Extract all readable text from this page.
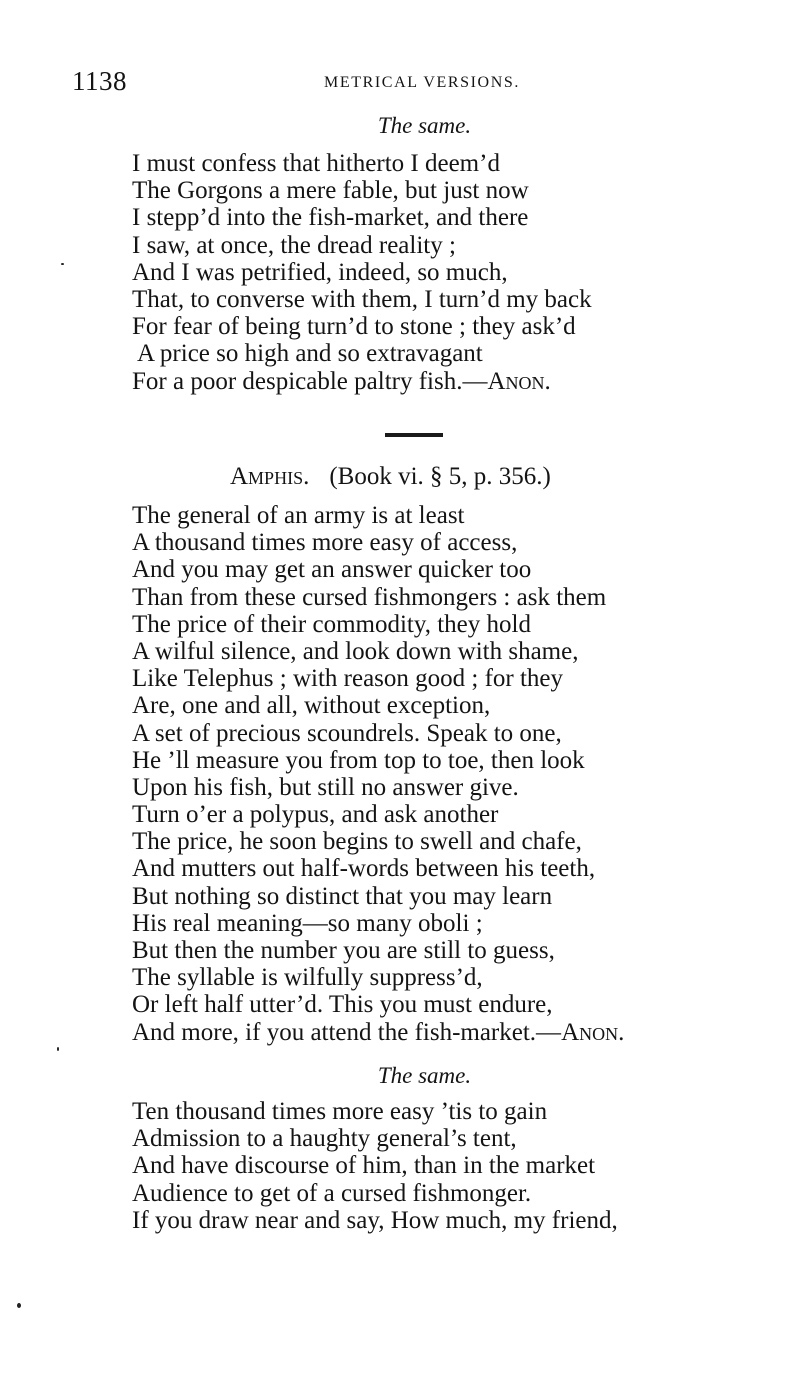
1138	METRICAL VERSIONS.
The same.
I must confess that hitherto I deem’d
The Gorgons a mere fable, but just now
I stepp’d into the fish-market, and there
I saw, at once, the dread reality ;
And I was petrified, indeed, so much,
That, to converse with them, I turn’d my back
For fear of being turn’d to stone ; they ask’d
A price so high and so extravagant
For a poor despicable paltry fish.—Anon.
Amphis. (Book vi. § 5, p. 356.)
The general of an army is at least
A thousand times more easy of access,
And you may get an answer quicker too
Than from these cursed fishmongers : ask them
The price of their commodity, they hold
A wilful silence, and look down with shame,
Like Telephus ; with reason good ; for they
Are, one and all, without exception,
A set of precious scoundrels. Speak to one,
He ’ll measure you from top to toe, then look
Upon his fish, but still no answer give.
Turn o’er a polypus, and ask another
The price, he soon begins to swell and chafe,
And mutters out half-words between his teeth,
But nothing so distinct that you may learn
His real meaning—so many oboli ;
But then the number you are still to guess,
The syllable is wilfully suppress’d,
Or left half utter’d. This you must endure,
And more, if you attend the fish-market.—Anon.
The same.
Ten thousand times more easy ’tis to gain
Admission to a haughty general’s tent,
And have discourse of him, than in the market
Audience to get of a cursed fishmonger.
If you draw near and say, How much, my friend,
